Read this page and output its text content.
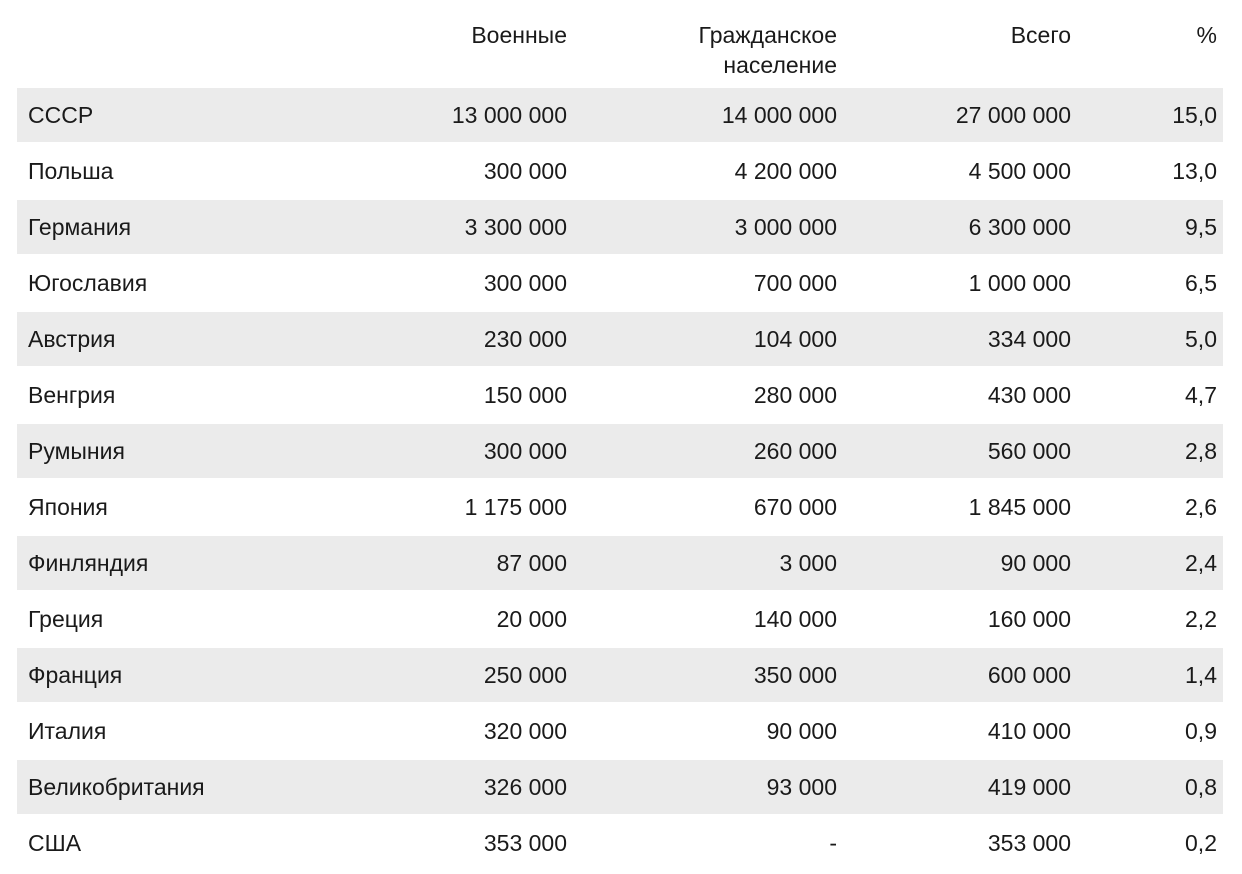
	Военные	Гражданское население	Всего	%
СССР	13 000 000	14 000 000	27 000 000	15,0
Польша	300 000	4 200 000	4 500 000	13,0
Германия	3 300 000	3 000 000	6 300 000	9,5
Югославия	300 000	700 000	1 000 000	6,5
Австрия	230 000	104 000	334 000	5,0
Венгрия	150 000	280 000	430 000	4,7
Румыния	300 000	260 000	560 000	2,8
Япония	1 175 000	670 000	1 845 000	2,6
Финляндия	87 000	3 000	90 000	2,4
Греция	20 000	140 000	160 000	2,2
Франция	250 000	350 000	600 000	1,4
Италия	320 000	90 000	410 000	0,9
Великобритания	326 000	93 000	419 000	0,8
США	353 000	-	353 000	0,2
